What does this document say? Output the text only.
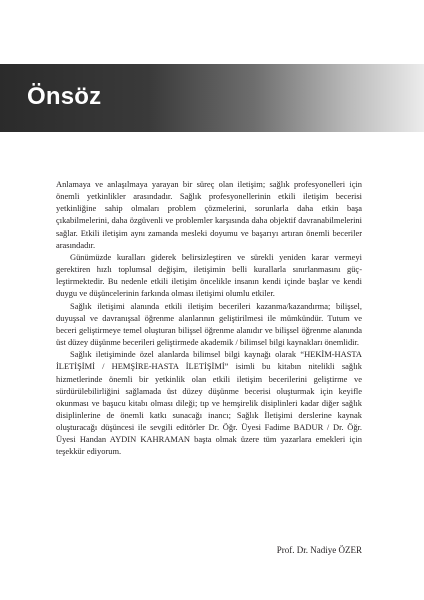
Önsöz

Anlamaya ve anlaşılmaya yarayan bir süreç olan iletişim; sağlık profesyonelleri için önemli yetkinlikler arasındadır. Sağlık profesyonellerinin etkili iletişim becerisi yetkinliğine sahip olmaları problem çözmelerini, sorunlarla daha etkin başa çıkabilmelerini, daha özgüvenli ve problemler karşısında daha objektif davranabilmelerini sağlar. Etkili iletişim aynı zamanda mesleki doyumu ve başarıyı artıran önemli beceriler arasındadır.

Günümüzde kuralları giderek belirsizleştiren ve sürekli yeniden karar vermeyi gerektiren hızlı toplumsal değişim, iletişimin belli kurallarla sınırlanmasını güçleştirmektedir. Bu nedenle etkili iletişim öncelikle insanın kendi içinde başlar ve kendi duygu ve düşüncelerinin farkında olması iletişimi olumlu etkiler.

Sağlık iletişimi alanında etkili iletişim becerileri kazanma/kazandırma; bilişsel, duyuşsal ve davranışsal öğrenme alanlarının geliştirilmesi ile mümkündür. Tutum ve beceri geliştirmeye temel oluşturan bilişsel öğrenme alanıdır ve bilişsel öğrenme alanında üst düzey düşünme becerileri geliştirmede akademik / bilimsel bilgi kaynakları önemlidir.

Sağlık iletişiminde özel alanlarda bilimsel bilgi kaynağı olarak “HEKİM-HASTA İLETİŞİMİ / HEMŞİRE-HASTA İLETİŞİMİ” isimli bu kitabın nitelikli sağlık hizmetlerinde önemli bir yetkinlik olan etkili iletişim becerilerini geliştirme ve sürdürülebilirliğini sağlamada üst düzey düşünme becerisi oluşturmak için keyifle okunması ve başucu kitabı olması dileği; tıp ve hemşirelik disiplinleri kadar diğer sağlık disiplinlerine de önemli katkı sunacağı inancı; Sağlık İletişimi derslerine kaynak oluşturacağı düşüncesi ile sevgili editörler Dr. Öğr. Üyesi Fadime BADUR / Dr. Öğr. Üyesi Handan AYDIN KAHRAMAN başta olmak üzere tüm yazarlara emekleri için teşekkür ediyorum.

Prof. Dr. Nadiye ÖZER
